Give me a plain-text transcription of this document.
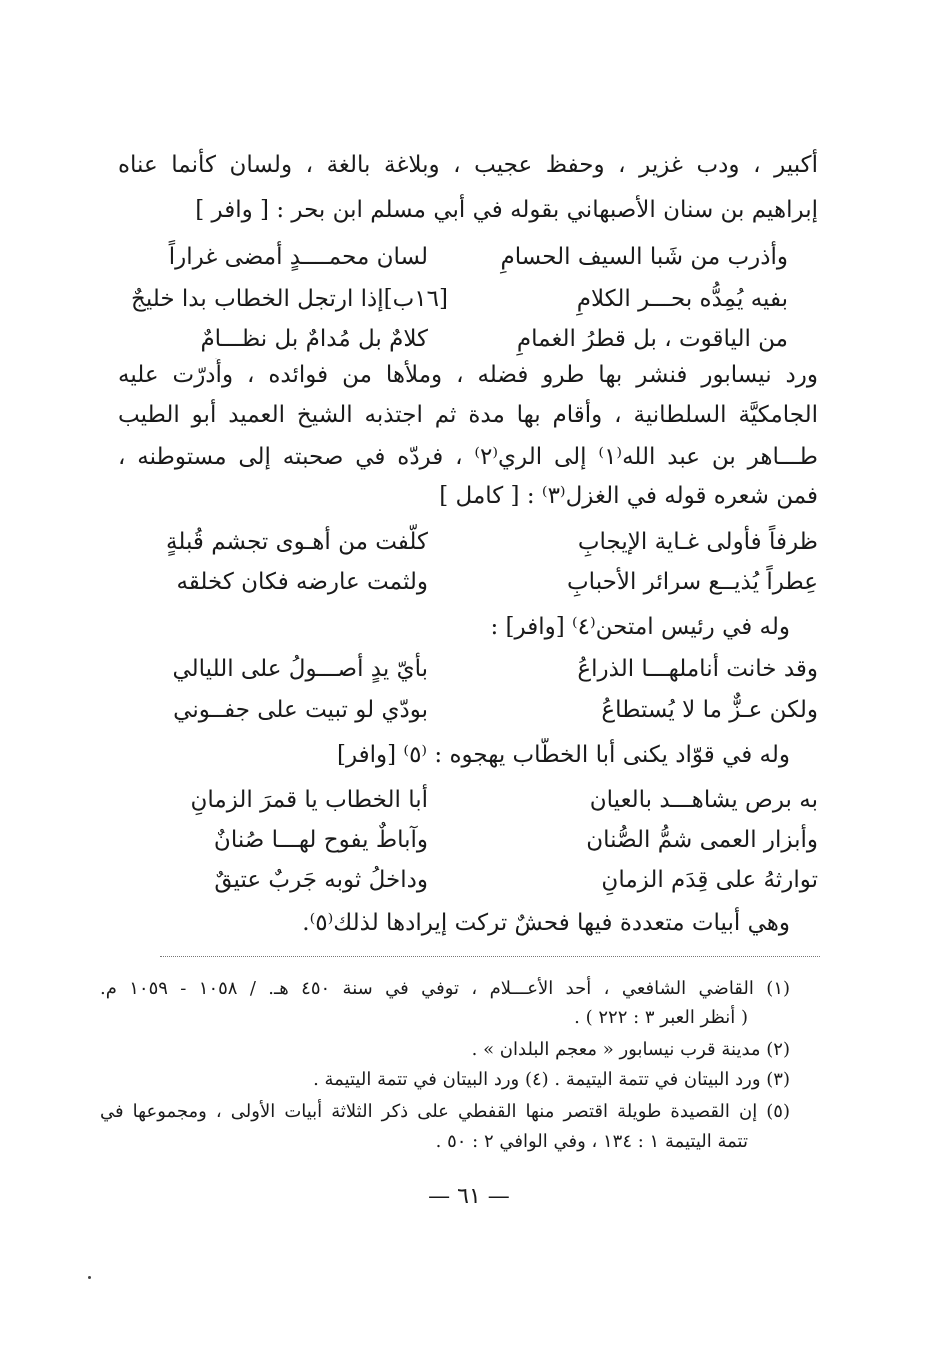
أكبير ، ودب غزير ، وحفظ عجيب ، وبلاغة بالغة ، ولسان كأنما عناه
إبراهيم بن سنان الأصبهاني بقوله في أبي مسلم ابن بحر : [ وافر ]
لسان محمــــدٍ أمضى غراراً	وأذرب من شَبا السيف الحسامِ
[١٦ب]إذا ارتجل الخطاب بدا خليجٌ	بفيه يُمِدُّه بحـــر الكلامِ
كلامٌ بل مُدامٌ بل نظـــامٌ	من الياقوت ، بل قطرُ الغمامِ
ورد نيسابور فنشر بها طرو فضله ، وملأها من فوائده ، وأُدرّت عليه
الجامكيَّة السلطانية ، وأقام بها مدة ثم اجتذبه الشيخ العميد أبو الطيب
طـــاهر بن عبد الله⁽١⁾ إلى الري⁽٢⁾ ، فردّه في صحبته إلى مستوطنه ،
فمن شعره قوله في الغزل⁽٣⁾ : [ كامل ]
كلّفت من أهـوى تجشم قُبلةٍ	ظرفاً فأولى غـاية الإيجابِ
ولثمت عارضه فكان كخلقه	عِطراً يُذيــع سرائر الأحبابِ
وله في رئيس امتحن⁽٤⁾ [وافر] :
بأيّ يدٍ أصـــولُ على الليالي	وقد خانت أناملهـــا الذراعُ
بودّي لو تبيت على جفــوني	ولكن عـزٌّ ما لا يُستطاعُ
وله في قوّاد يكنى أبا الخطّاب يهجوه : ⁽٥⁾ [وافر]
أبا الخطاب يا قمرَ الزمانِ	به برص يشاهـــد بالعيان
وآباطٌ يفوح لهـــا صُنانٌ	وأبزار العمى شمُّ الصُّنان
وداخلُ ثوبه جَربٌ عتيقٌ	توارثهُ على قِدَم الزمانِ
وهي أبيات متعددة فيها فحشٌ تركت إيرادها لذلك⁽٥⁾.
(١) القاضي الشافعي ، أحد الأعـــلام ، توفي في سنة ٤٥٠ هـ. / ١٠٥٨ - ١٠٥٩ م.
( أنظر العبر ٣ : ٢٢٢ ) .
(٢) مدينة قرب نيسابور « معجم البلدان » .
(٣) ورد البيتان في تتمة اليتيمة . (٤) ورد البيتان في تتمة اليتيمة .
(٥) إن القصيدة طويلة اقتصر منها القفطي على ذكر الثلاثة أبيات الأولى ، ومجموعها في
تتمة اليتيمة ١ : ١٣٤ ، وفي الوافي ٢ : ٥٠ .
— ٦١ —
